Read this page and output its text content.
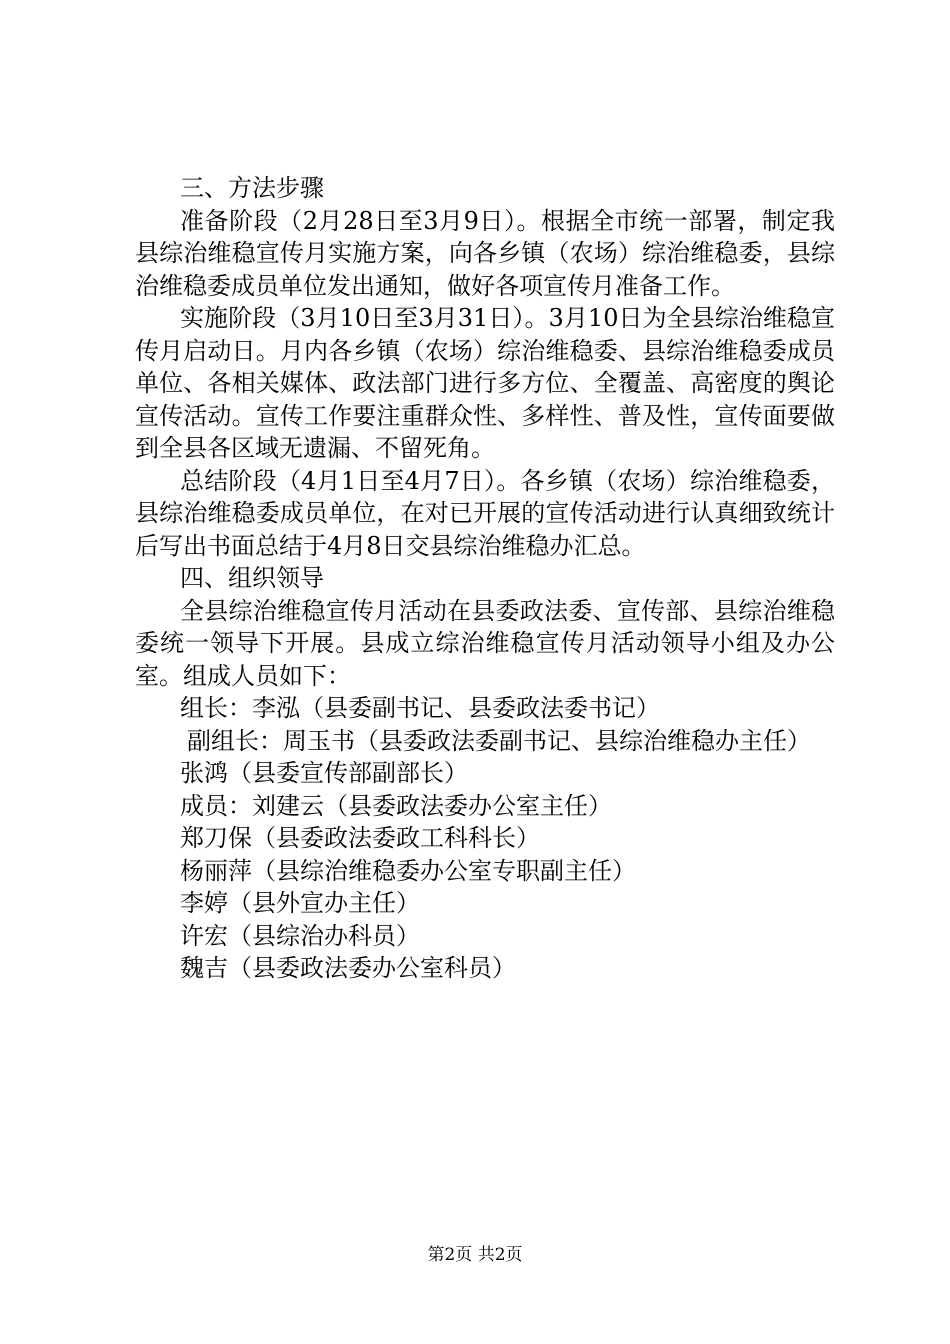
三、方法步骤

准备阶段（2月28日至3月9日）。根据全市统一部署，制定我县综治维稳宣传月实施方案，向各乡镇（农场）综治维稳委，县综治维稳委成员单位发出通知，做好各项宣传月准备工作。

实施阶段（3月10日至3月31日）。3月10日为全县综治维稳宣传月启动日。月内各乡镇（农场）综治维稳委、县综治维稳委成员单位、各相关媒体、政法部门进行多方位、全覆盖、高密度的舆论宣传活动。宣传工作要注重群众性、多样性、普及性，宣传面要做到全县各区域无遗漏、不留死角。

总结阶段（4月1日至4月7日）。各乡镇（农场）综治维稳委，县综治维稳委成员单位，在对已开展的宣传活动进行认真细致统计后写出书面总结于4月8日交县综治维稳办汇总。

四、组织领导

全县综治维稳宣传月活动在县委政法委、宣传部、县综治维稳委统一领导下开展。县成立综治维稳宣传月活动领导小组及办公室。组成人员如下：

组长：李泓（县委副书记、县委政法委书记）

副组长：周玉书（县委政法委副书记、县综治维稳办主任）

张鸿（县委宣传部副部长）

成员：刘建云（县委政法委办公室主任）

郑刀保（县委政法委政工科科长）

杨丽萍（县综治维稳委办公室专职副主任）

李婷（县外宣办主任）

许宏（县综治办科员）

魏吉（县委政法委办公室科员）

第2页 共2页
